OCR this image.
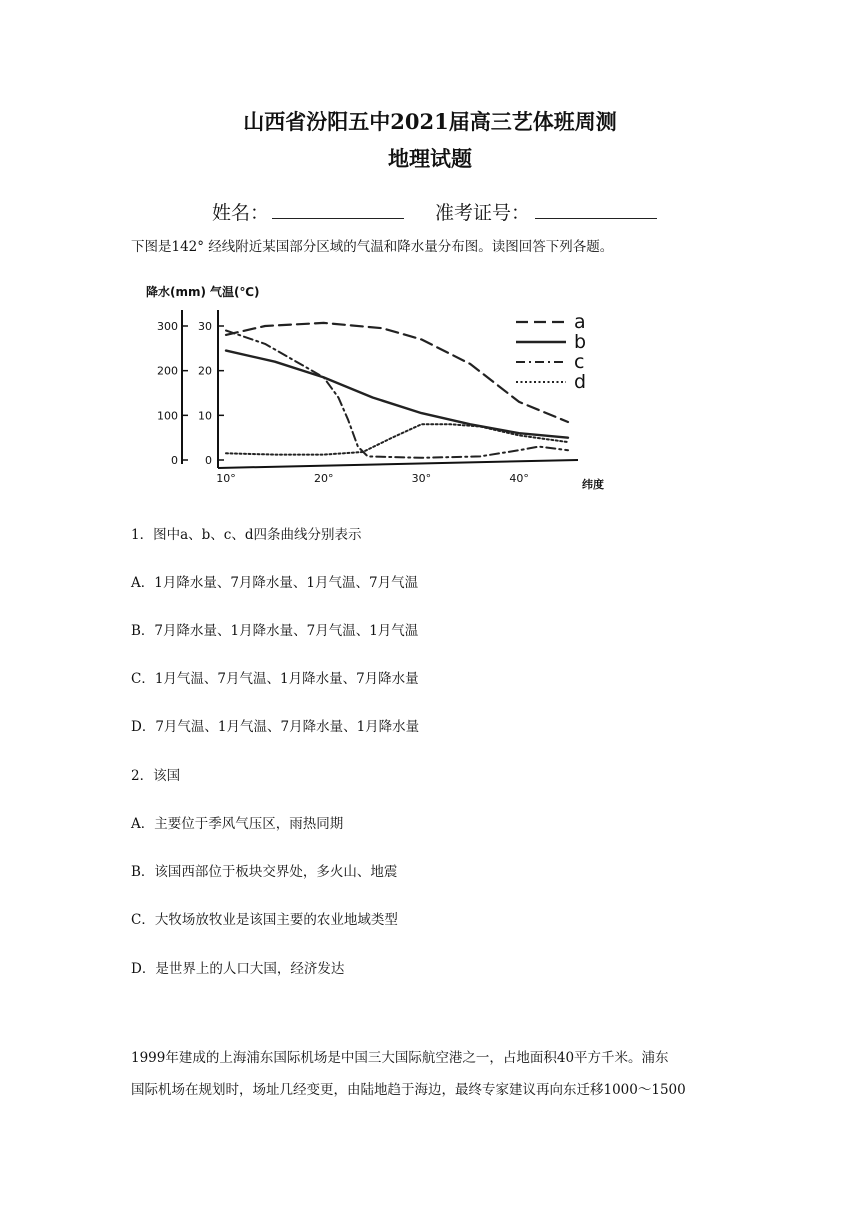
山西省汾阳五中2021届高三艺体班周测
地理试题
姓名：	准考证号：
下图是142° 经线附近某国部分区域的气温和降水量分布图。读图回答下列各题。
降水(mm) 气温(℃)
纬度
0
10
20
30
0
100
200
300
10°	20°	30°	40°
a
b
c
d
1．图中a、b、c、d四条曲线分别表示
A．1月降水量、7月降水量、1月气温、7月气温
B．7月降水量、1月降水量、7月气温、1月气温
C．1月气温、7月气温、1月降水量、7月降水量
D．7月气温、1月气温、7月降水量、1月降水量
2．该国
A．主要位于季风气压区，雨热同期
B．该国西部位于板块交界处，多火山、地震
C．大牧场放牧业是该国主要的农业地域类型
D．是世界上的人口大国，经济发达
1999年建成的上海浦东国际机场是中国三大国际航空港之一，占地面积40平方千米。浦东
国际机场在规划时，场址几经变更，由陆地趋于海边，最终专家建议再向东迁移1000～1500
